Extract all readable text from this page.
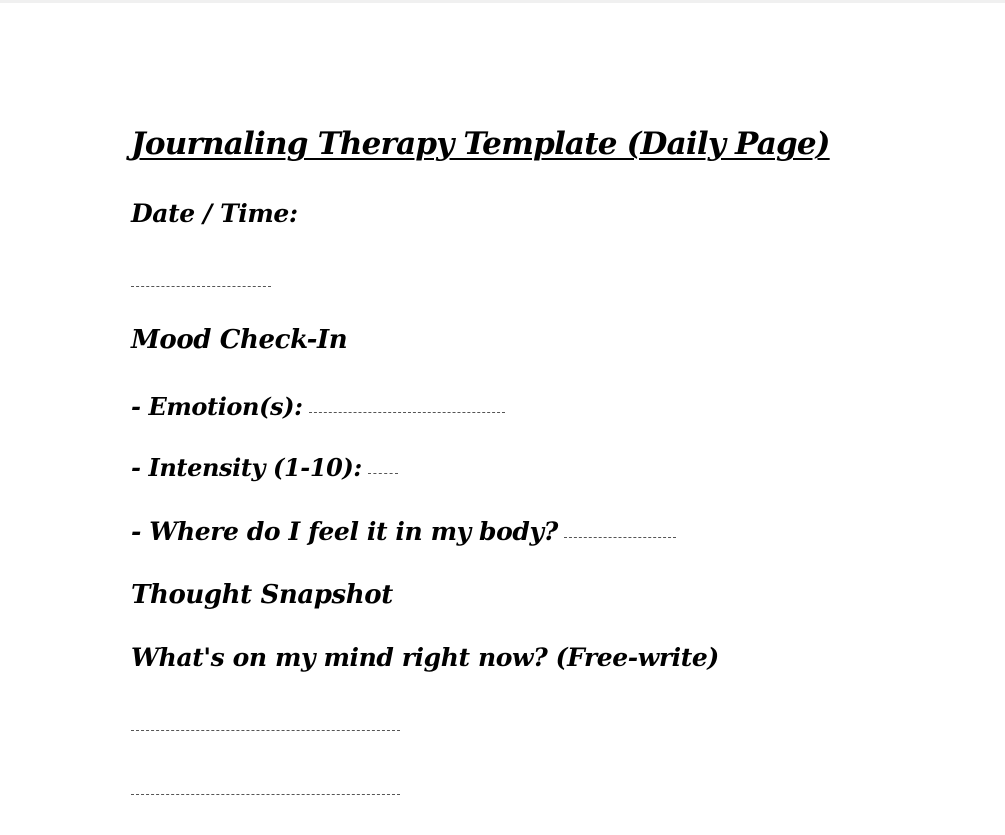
Journaling Therapy Template (Daily Page)
Date / Time:
Mood Check-In
- Emotion(s):
- Intensity (1-10):
- Where do I feel it in my body?
Thought Snapshot
What's on my mind right now? (Free-write)
